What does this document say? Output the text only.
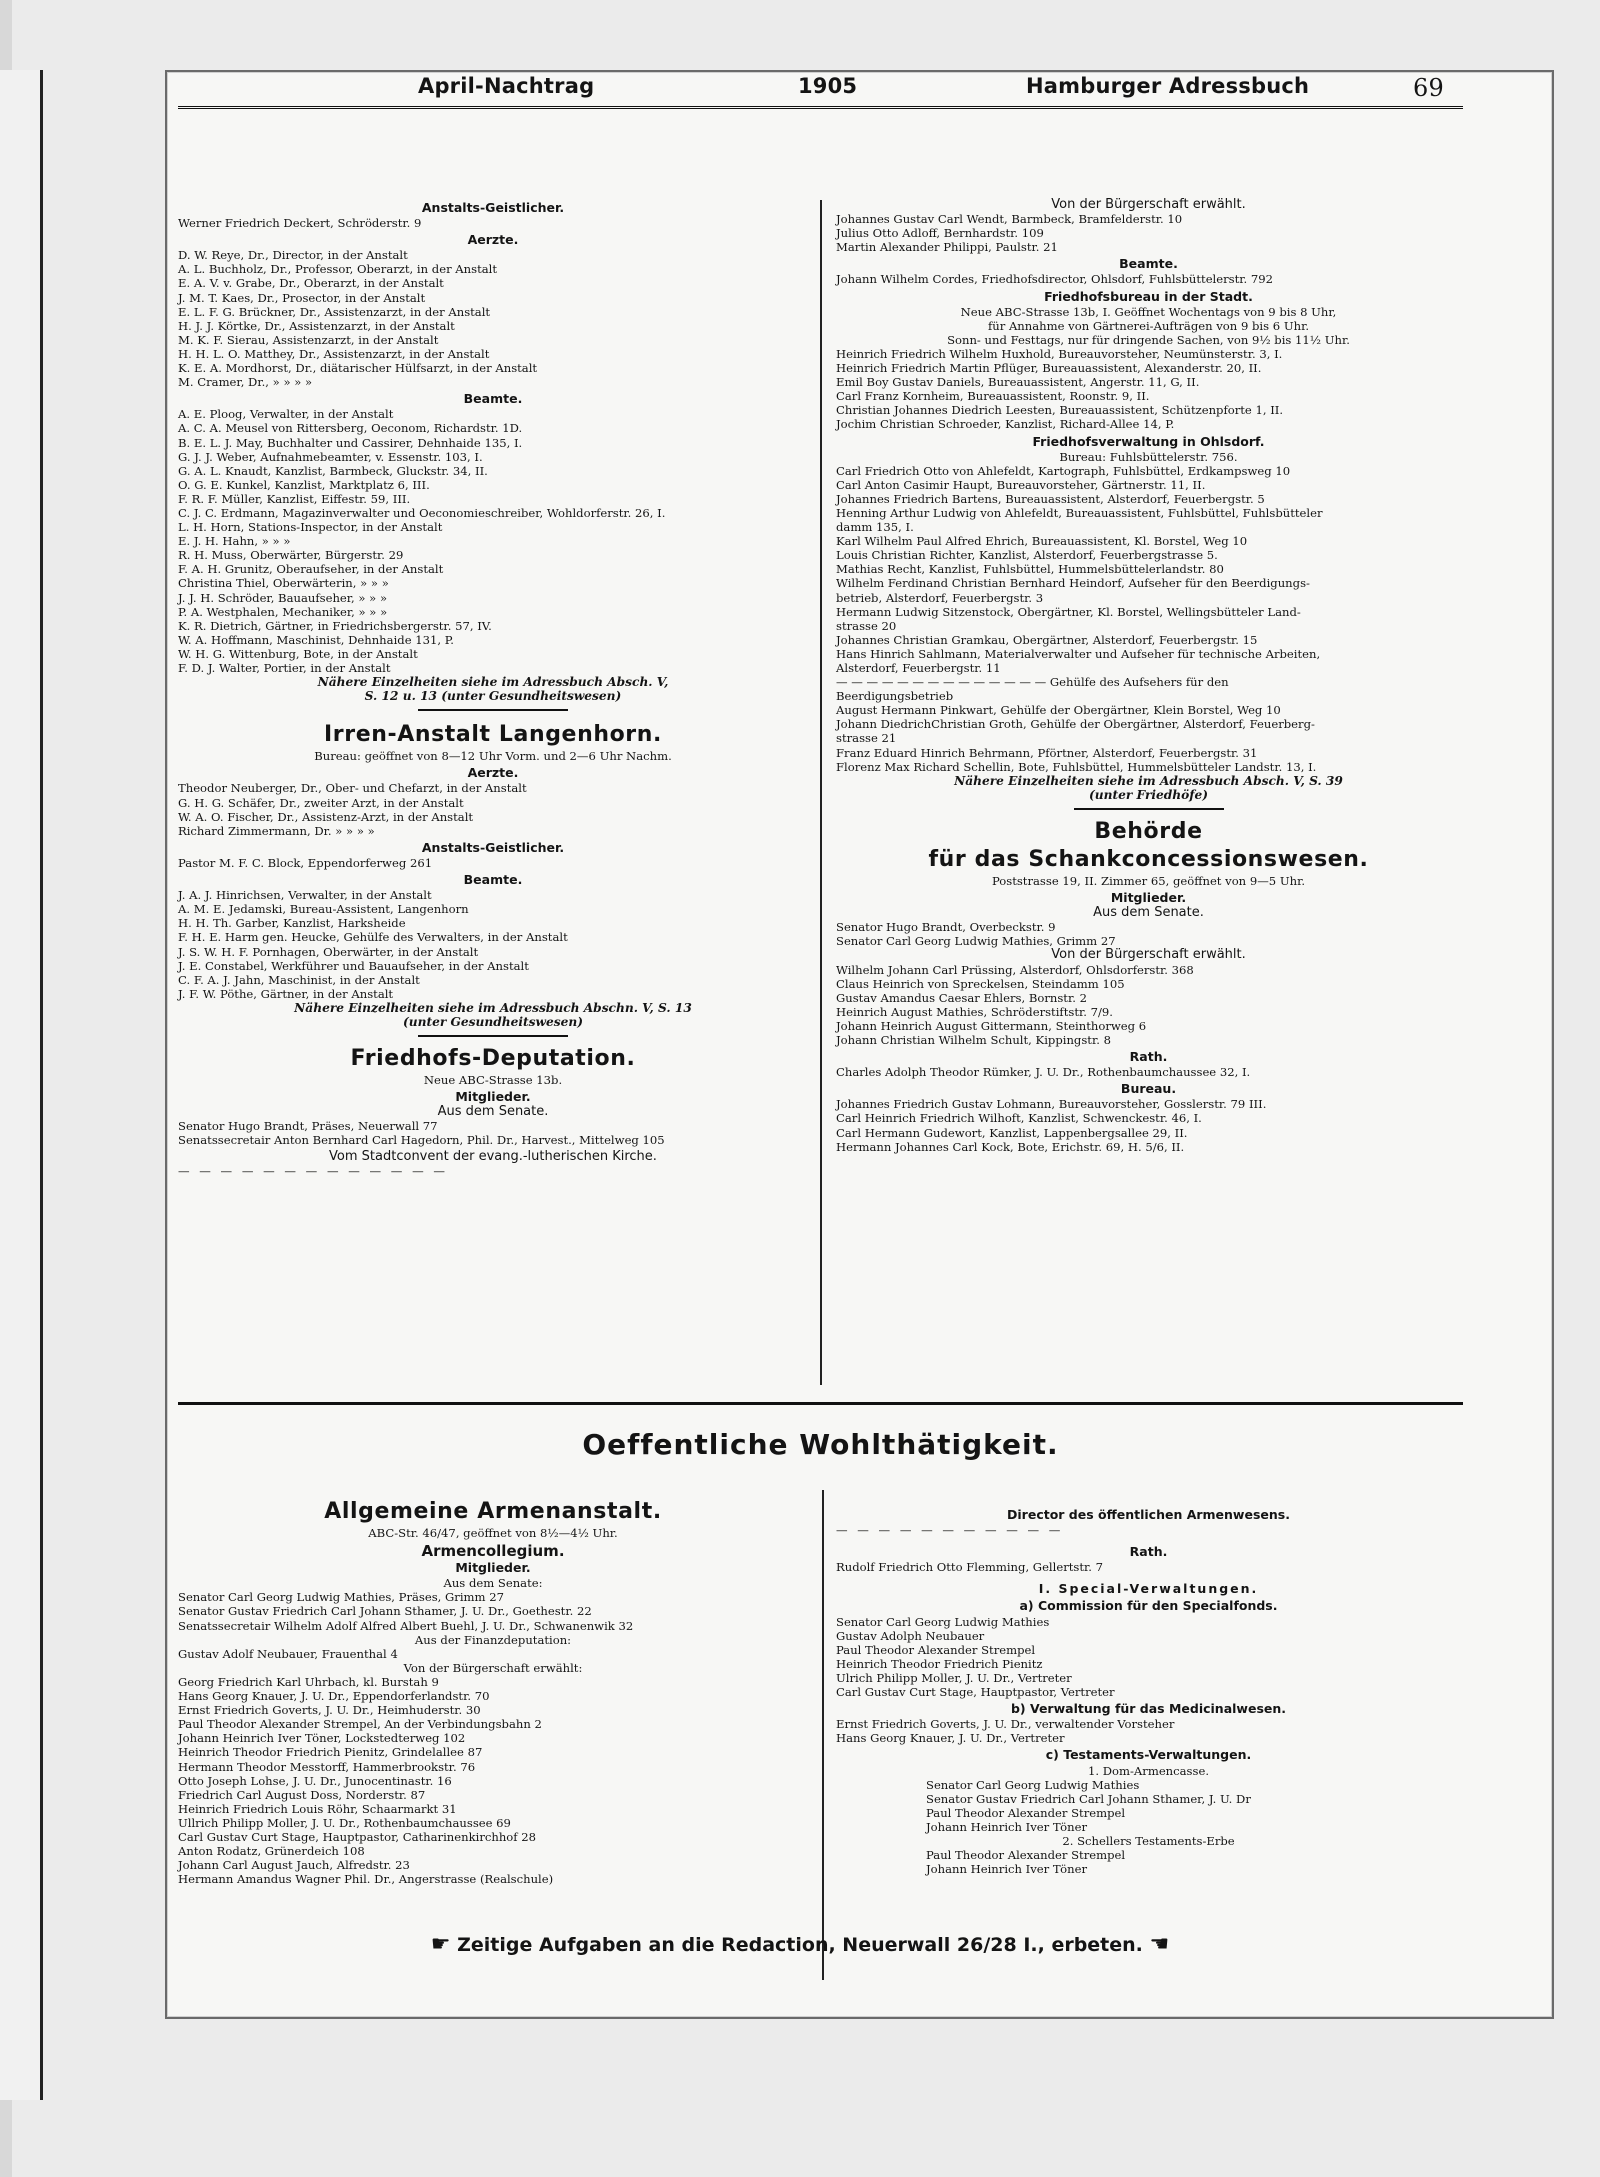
April-Nachtrag	1905	Hamburger Adressbuch	69

Anstalts-Geistlicher.

Werner Friedrich Deckert, Schröderstr. 9

Aerzte.

D. W. Reye, Dr., Director, in der Anstalt

A. L. Buchholz, Dr., Professor, Oberarzt, in der Anstalt

E. A. V. v. Grabe, Dr., Oberarzt, in der Anstalt

J. M. T. Kaes, Dr., Prosector, in der Anstalt

E. L. F. G. Brückner, Dr., Assistenzarzt, in der Anstalt

H. J. J. Körtke, Dr., Assistenzarzt, in der Anstalt

M. K. F. Sierau, Assistenzarzt, in der Anstalt

H. H. L. O. Matthey, Dr., Assistenzarzt, in der Anstalt

K. E. A. Mordhorst, Dr., diätarischer Hülfsarzt, in der Anstalt

M. Cramer, Dr., » » » »

Beamte.

A. E. Ploog, Verwalter, in der Anstalt

A. C. A. Meusel von Rittersberg, Oeconom, Richardstr. 1D.

B. E. L. J. May, Buchhalter und Cassirer, Dehnhaide 135, I.

G. J. J. Weber, Aufnahmebeamter, v. Essenstr. 103, I.

G. A. L. Knaudt, Kanzlist, Barmbeck, Gluckstr. 34, II.

O. G. E. Kunkel, Kanzlist, Marktplatz 6, III.

F. R. F. Müller, Kanzlist, Eiffestr. 59, III.

C. J. C. Erdmann, Magazinverwalter und Oeconomieschreiber, Wohldorferstr. 26, I.

L. H. Horn, Stations-Inspector, in der Anstalt

E. J. H. Hahn, » » »

R. H. Muss, Oberwärter, Bürgerstr. 29

F. A. H. Grunitz, Oberaufseher, in der Anstalt

Christina Thiel, Oberwärterin, » » »

J. J. H. Schröder, Bauaufseher, » » »

P. A. Westphalen, Mechaniker, » » »

K. R. Dietrich, Gärtner, in Friedrichsbergerstr. 57, IV.

W. A. Hoffmann, Maschinist, Dehnhaide 131, P.

W. H. G. Wittenburg, Bote, in der Anstalt

F. D. J. Walter, Portier, in der Anstalt

Nähere Einzelheiten siehe im Adressbuch Absch. V,

S. 12 u. 13 (unter Gesundheitswesen)

Irren-Anstalt Langenhorn.

Bureau: geöffnet von 8—12 Uhr Vorm. und 2—6 Uhr Nachm.

Aerzte.

Theodor Neuberger, Dr., Ober- und Chefarzt, in der Anstalt

G. H. G. Schäfer, Dr., zweiter Arzt, in der Anstalt

W. A. O. Fischer, Dr., Assistenz-Arzt, in der Anstalt

Richard Zimmermann, Dr. » » » »

Anstalts-Geistlicher.

Pastor M. F. C. Block, Eppendorferweg 261

Beamte.

J. A. J. Hinrichsen, Verwalter, in der Anstalt

A. M. E. Jedamski, Bureau-Assistent, Langenhorn

H. H. Th. Garber, Kanzlist, Harksheide

F. H. E. Harm gen. Heucke, Gehülfe des Verwalters, in der Anstalt

J. S. W. H. F. Pornhagen, Oberwärter, in der Anstalt

J. E. Constabel, Werkführer und Bauaufseher, in der Anstalt

C. F. A. J. Jahn, Maschinist, in der Anstalt

J. F. W. Pöthe, Gärtner, in der Anstalt

Nähere Einzelheiten siehe im Adressbuch Abschn. V, S. 13

(unter Gesundheitswesen)

Friedhofs-Deputation.

Neue ABC-Strasse 13b.

Mitglieder.

Aus dem Senate.

Senator Hugo Brandt, Präses, Neuerwall 77

Senatssecretair Anton Bernhard Carl Hagedorn, Phil. Dr., Harvest., Mittelweg 105

Vom Stadtconvent der evang.-lutherischen Kirche.

— — — — — — — — — — — — —

Von der Bürgerschaft erwählt.

Johannes Gustav Carl Wendt, Barmbeck, Bramfelderstr. 10

Julius Otto Adloff, Bernhardstr. 109

Martin Alexander Philippi, Paulstr. 21

Beamte.

Johann Wilhelm Cordes, Friedhofsdirector, Ohlsdorf, Fuhlsbüttelerstr. 792

Friedhofsbureau in der Stadt.

Neue ABC-Strasse 13b, I. Geöffnet Wochentags von 9 bis 8 Uhr,

für Annahme von Gärtnerei-Aufträgen von 9 bis 6 Uhr.

Sonn- und Festtags, nur für dringende Sachen, von 9½ bis 11½ Uhr.

Heinrich Friedrich Wilhelm Huxhold, Bureauvorsteher, Neumünsterstr. 3, I.

Heinrich Friedrich Martin Pflüger, Bureauassistent, Alexanderstr. 20, II.

Emil Boy Gustav Daniels, Bureauassistent, Angerstr. 11, G, II.

Carl Franz Kornheim, Bureauassistent, Roonstr. 9, II.

Christian Johannes Diedrich Leesten, Bureauassistent, Schützenpforte 1, II.

Jochim Christian Schroeder, Kanzlist, Richard-Allee 14, P.

Friedhofsverwaltung in Ohlsdorf.

Bureau: Fuhlsbüttelerstr. 756.

Carl Friedrich Otto von Ahlefeldt, Kartograph, Fuhlsbüttel, Erdkampsweg 10

Carl Anton Casimir Haupt, Bureauvorsteher, Gärtnerstr. 11, II.

Johannes Friedrich Bartens, Bureauassistent, Alsterdorf, Feuerbergstr. 5

Henning Arthur Ludwig von Ahlefeldt, Bureauassistent, Fuhlsbüttel, Fuhlsbütteler

damm 135, I.

Karl Wilhelm Paul Alfred Ehrich, Bureauassistent, Kl. Borstel, Weg 10

Louis Christian Richter, Kanzlist, Alsterdorf, Feuerbergstrasse 5.

Mathias Recht, Kanzlist, Fuhlsbüttel, Hummelsbüttelerlandstr. 80

Wilhelm Ferdinand Christian Bernhard Heindorf, Aufseher für den Beerdigungs-

betrieb, Alsterdorf, Feuerbergstr. 3

Hermann Ludwig Sitzenstock, Obergärtner, Kl. Borstel, Wellingsbütteler Land-

strasse 20

Johannes Christian Gramkau, Obergärtner, Alsterdorf, Feuerbergstr. 15

Hans Hinrich Sahlmann, Materialverwalter und Aufseher für technische Arbeiten,

Alsterdorf, Feuerbergstr. 11

— — — — — — — — — — — — — — Gehülfe des Aufsehers für den

Beerdigungsbetrieb

August Hermann Pinkwart, Gehülfe der Obergärtner, Klein Borstel, Weg 10

Johann DiedrichChristian Groth, Gehülfe der Obergärtner, Alsterdorf, Feuerberg-

strasse 21

Franz Eduard Hinrich Behrmann, Pförtner, Alsterdorf, Feuerbergstr. 31

Florenz Max Richard Schellin, Bote, Fuhlsbüttel, Hummelsbütteler Landstr. 13, I.

Nähere Einzelheiten siehe im Adressbuch Absch. V, S. 39

(unter Friedhöfe)

Behörde

für das Schankconcessionswesen.

Poststrasse 19, II. Zimmer 65, geöffnet von 9—5 Uhr.

Mitglieder.

Aus dem Senate.

Senator Hugo Brandt, Overbeckstr. 9

Senator Carl Georg Ludwig Mathies, Grimm 27

Von der Bürgerschaft erwählt.

Wilhelm Johann Carl Prüssing, Alsterdorf, Ohlsdorferstr. 368

Claus Heinrich von Spreckelsen, Steindamm 105

Gustav Amandus Caesar Ehlers, Bornstr. 2

Heinrich August Mathies, Schröderstiftstr. 7/9.

Johann Heinrich August Gittermann, Steinthorweg 6

Johann Christian Wilhelm Schult, Kippingstr. 8

Rath.

Charles Adolph Theodor Rümker, J. U. Dr., Rothenbaumchaussee 32, I.

Bureau.

Johannes Friedrich Gustav Lohmann, Bureauvorsteher, Gosslerstr. 79 III.

Carl Heinrich Friedrich Wilhoft, Kanzlist, Schwenckestr. 46, I.

Carl Hermann Gudewort, Kanzlist, Lappenbergsallee 29, II.

Hermann Johannes Carl Kock, Bote, Erichstr. 69, H. 5/6, II.

Oeffentliche Wohlthätigkeit.

Allgemeine Armenanstalt.

ABC-Str. 46/47, geöffnet von 8½—4½ Uhr.

Armencollegium.

Mitglieder.

Aus dem Senate:

Senator Carl Georg Ludwig Mathies, Präses, Grimm 27

Senator Gustav Friedrich Carl Johann Sthamer, J. U. Dr., Goethestr. 22

Senatssecretair Wilhelm Adolf Alfred Albert Buehl, J. U. Dr., Schwanenwik 32

Aus der Finanzdeputation:

Gustav Adolf Neubauer, Frauenthal 4

Von der Bürgerschaft erwählt:

Georg Friedrich Karl Uhrbach, kl. Burstah 9

Hans Georg Knauer, J. U. Dr., Eppendorferlandstr. 70

Ernst Friedrich Goverts, J. U. Dr., Heimhuderstr. 30

Paul Theodor Alexander Strempel, An der Verbindungsbahn 2

Johann Heinrich Iver Töner, Lockstedterweg 102

Heinrich Theodor Friedrich Pienitz, Grindelallee 87

Hermann Theodor Messtorff, Hammerbrookstr. 76

Otto Joseph Lohse, J. U. Dr., Junocentinastr. 16

Friedrich Carl August Doss, Norderstr. 87

Heinrich Friedrich Louis Röhr, Schaarmarkt 31

Ullrich Philipp Moller, J. U. Dr., Rothenbaumchaussee 69

Carl Gustav Curt Stage, Hauptpastor, Catharinenkirchhof 28

Anton Rodatz, Grünerdeich 108

Johann Carl August Jauch, Alfredstr. 23

Hermann Amandus Wagner Phil. Dr., Angerstrasse (Realschule)

Director des öffentlichen Armenwesens.

— — — — — — — — — — —

Rath.

Rudolf Friedrich Otto Flemming, Gellertstr. 7

I. Special-Verwaltungen.

a) Commission für den Specialfonds.

Senator Carl Georg Ludwig Mathies

Gustav Adolph Neubauer

Paul Theodor Alexander Strempel

Heinrich Theodor Friedrich Pienitz

Ulrich Philipp Moller, J. U. Dr., Vertreter

Carl Gustav Curt Stage, Hauptpastor, Vertreter

b) Verwaltung für das Medicinalwesen.

Ernst Friedrich Goverts, J. U. Dr., verwaltender Vorsteher

Hans Georg Knauer, J. U. Dr., Vertreter

c) Testaments-Verwaltungen.

1. Dom-Armencasse.

Senator Carl Georg Ludwig Mathies

Senator Gustav Friedrich Carl Johann Sthamer, J. U. Dr

Paul Theodor Alexander Strempel

Johann Heinrich Iver Töner

2. Schellers Testaments-Erbe

Paul Theodor Alexander Strempel

Johann Heinrich Iver Töner

☛ Zeitige Aufgaben an die Redaction, Neuerwall 26/28 I., erbeten. ☚
